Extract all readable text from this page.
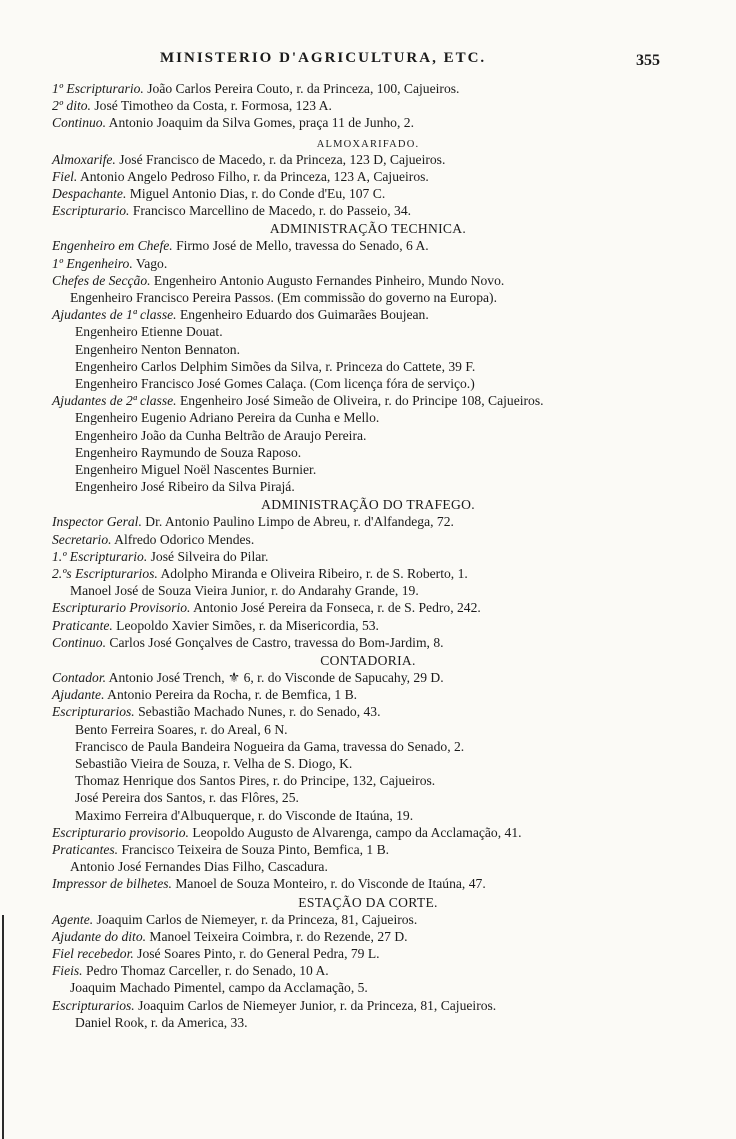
MINISTERIO D'AGRICULTURA, ETC.	355
1º Escripturario. João Carlos Pereira Couto, r. da Princeza, 100, Cajueiros.
2º dito. José Timotheo da Costa, r. Formosa, 123 A.
Continuo. Antonio Joaquim da Silva Gomes, praça 11 de Junho, 2.
ALMOXARIFADO.
Almoxarife. José Francisco de Macedo, r. da Princeza, 123 D, Cajueiros.
Fiel. Antonio Angelo Pedroso Filho, r. da Princeza, 123 A, Cajueiros.
Despachante. Miguel Antonio Dias, r. do Conde d'Eu, 107 C.
Escripturario. Francisco Marcellino de Macedo, r. do Passeio, 34.
ADMINISTRAÇÃO TECHNICA.
Engenheiro em Chefe. Firmo José de Mello, travessa do Senado, 6 A.
1º Engenheiro. Vago.
Chefes de Secção. Engenheiro Antonio Augusto Fernandes Pinheiro, Mundo Novo.
Engenheiro Francisco Pereira Passos. (Em commissão do governo na Europa).
Ajudantes de 1ª classe. Engenheiro Eduardo dos Guimarães Boujean.
Engenheiro Etienne Douat.
Engenheiro Nenton Bennaton.
Engenheiro Carlos Delphim Simões da Silva, r. Princeza do Cattete, 39 F.
Engenheiro Francisco José Gomes Calaça. (Com licença fóra de serviço.)
Ajudantes de 2ª classe. Engenheiro José Simeão de Oliveira, r. do Principe 108, Cajueiros.
Engenheiro Eugenio Adriano Pereira da Cunha e Mello.
Engenheiro João da Cunha Beltrão de Araujo Pereira.
Engenheiro Raymundo de Souza Raposo.
Engenheiro Miguel Noël Nascentes Burnier.
Engenheiro José Ribeiro da Silva Pirajá.
ADMINISTRAÇÃO DO TRAFEGO.
Inspector Geral. Dr. Antonio Paulino Limpo de Abreu, r. d'Alfandega, 72.
Secretario. Alfredo Odorico Mendes.
1.º Escripturario. José Silveira do Pilar.
2.ºs Escripturarios. Adolpho Miranda e Oliveira Ribeiro, r. de S. Roberto, 1.
Manoel José de Souza Vieira Junior, r. do Andarahy Grande, 19.
Escripturario Provisorio. Antonio José Pereira da Fonseca, r. de S. Pedro, 242.
Praticante. Leopoldo Xavier Simões, r. da Misericordia, 53.
Continuo. Carlos José Gonçalves de Castro, travessa do Bom-Jardim, 8.
CONTADORIA.
Contador. Antonio José Trench, ⚜ 6, r. do Visconde de Sapucahy, 29 D.
Ajudante. Antonio Pereira da Rocha, r. de Bemfica, 1 B.
Escripturarios. Sebastião Machado Nunes, r. do Senado, 43.
Bento Ferreira Soares, r. do Areal, 6 N.
Francisco de Paula Bandeira Nogueira da Gama, travessa do Senado, 2.
Sebastião Vieira de Souza, r. Velha de S. Diogo, K.
Thomaz Henrique dos Santos Pires, r. do Principe, 132, Cajueiros.
José Pereira dos Santos, r. das Flôres, 25.
Maximo Ferreira d'Albuquerque, r. do Visconde de Itaúna, 19.
Escripturario provisorio. Leopoldo Augusto de Alvarenga, campo da Acclamação, 41.
Praticantes. Francisco Teixeira de Souza Pinto, Bemfica, 1 B.
Antonio José Fernandes Dias Filho, Cascadura.
Impressor de bilhetes. Manoel de Souza Monteiro, r. do Visconde de Itaúna, 47.
ESTAÇÃO DA CORTE.
Agente. Joaquim Carlos de Niemeyer, r. da Princeza, 81, Cajueiros.
Ajudante do dito. Manoel Teixeira Coimbra, r. do Rezende, 27 D.
Fiel recebedor. José Soares Pinto, r. do General Pedra, 79 L.
Fieis. Pedro Thomaz Carceller, r. do Senado, 10 A.
Joaquim Machado Pimentel, campo da Acclamação, 5.
Escripturarios. Joaquim Carlos de Niemeyer Junior, r. da Princeza, 81, Cajueiros.
Daniel Rook, r. da America, 33.
